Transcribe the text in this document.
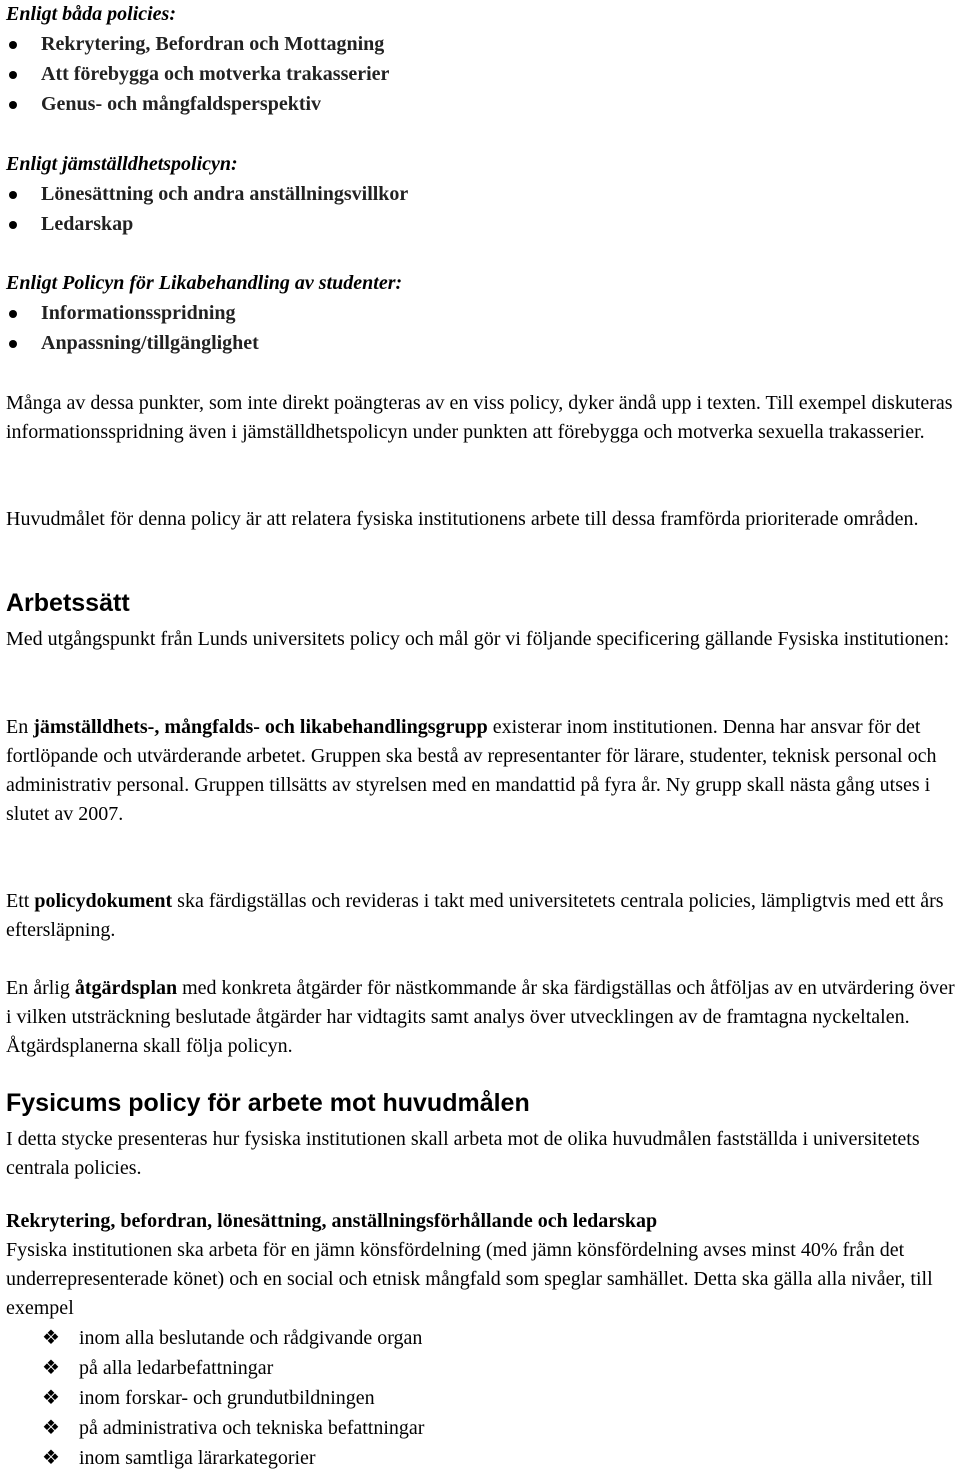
Enligt båda policies:
Rekrytering, Befordran och Mottagning
Att förebygga och motverka trakasserier
Genus- och mångfaldsperspektiv
Enligt jämställdhetspolicyn:
Lönesättning och andra anställningsvillkor
Ledarskap
Enligt Policyn för Likabehandling av studenter:
Informationsspridning
Anpassning/tillgänglighet

Många av dessa punkter, som inte direkt poängteras av en viss policy, dyker ändå upp i texten. Till exempel diskuteras informationsspridning även i jämställdhetspolicyn under punkten att förebygga och motverka sexuella trakasserier.

Huvudmålet för denna policy är att relatera fysiska institutionens arbete till dessa framförda prioriterade områden.

Arbetssätt

Med utgångspunkt från Lunds universitets policy och mål gör vi följande specificering gällande Fysiska institutionen:

En jämställdhets-, mångfalds- och likabehandlingsgrupp existerar inom institutionen. Denna har ansvar för det fortlöpande och utvärderande arbetet. Gruppen ska bestå av representanter för lärare, studenter, teknisk personal och administrativ personal. Gruppen tillsätts av styrelsen med en mandattid på fyra år. Ny grupp skall nästa gång utses i slutet av 2007.

Ett policydokument ska färdigställas och revideras i takt med universitetets centrala policies, lämpligtvis med ett års eftersläpning.

En årlig åtgärdsplan med konkreta åtgärder för nästkommande år ska färdigställas och åtföljas av en utvärdering över i vilken utsträckning beslutade åtgärder har vidtagits samt analys över utvecklingen av de framtagna nyckeltalen. Åtgärdsplanerna skall följa policyn.

Fysicums policy för arbete mot huvudmålen

I detta stycke presenteras hur fysiska institutionen skall arbeta mot de olika huvudmålen fastställda i universitetets centrala policies.

Rekrytering, befordran, lönesättning, anställningsförhållande och ledarskap

Fysiska institutionen ska arbeta för en jämn könsfördelning (med jämn könsfördelning avses minst 40% från det underrepresenterade könet) och en social och etnisk mångfald som speglar samhället. Detta ska gälla alla nivåer, till exempel

❖ inom alla beslutande och rådgivande organ
❖ på alla ledarbefattningar
❖ inom forskar- och grundutbildningen
❖ på administrativa och tekniska befattningar
❖ inom samtliga lärarkategorier
